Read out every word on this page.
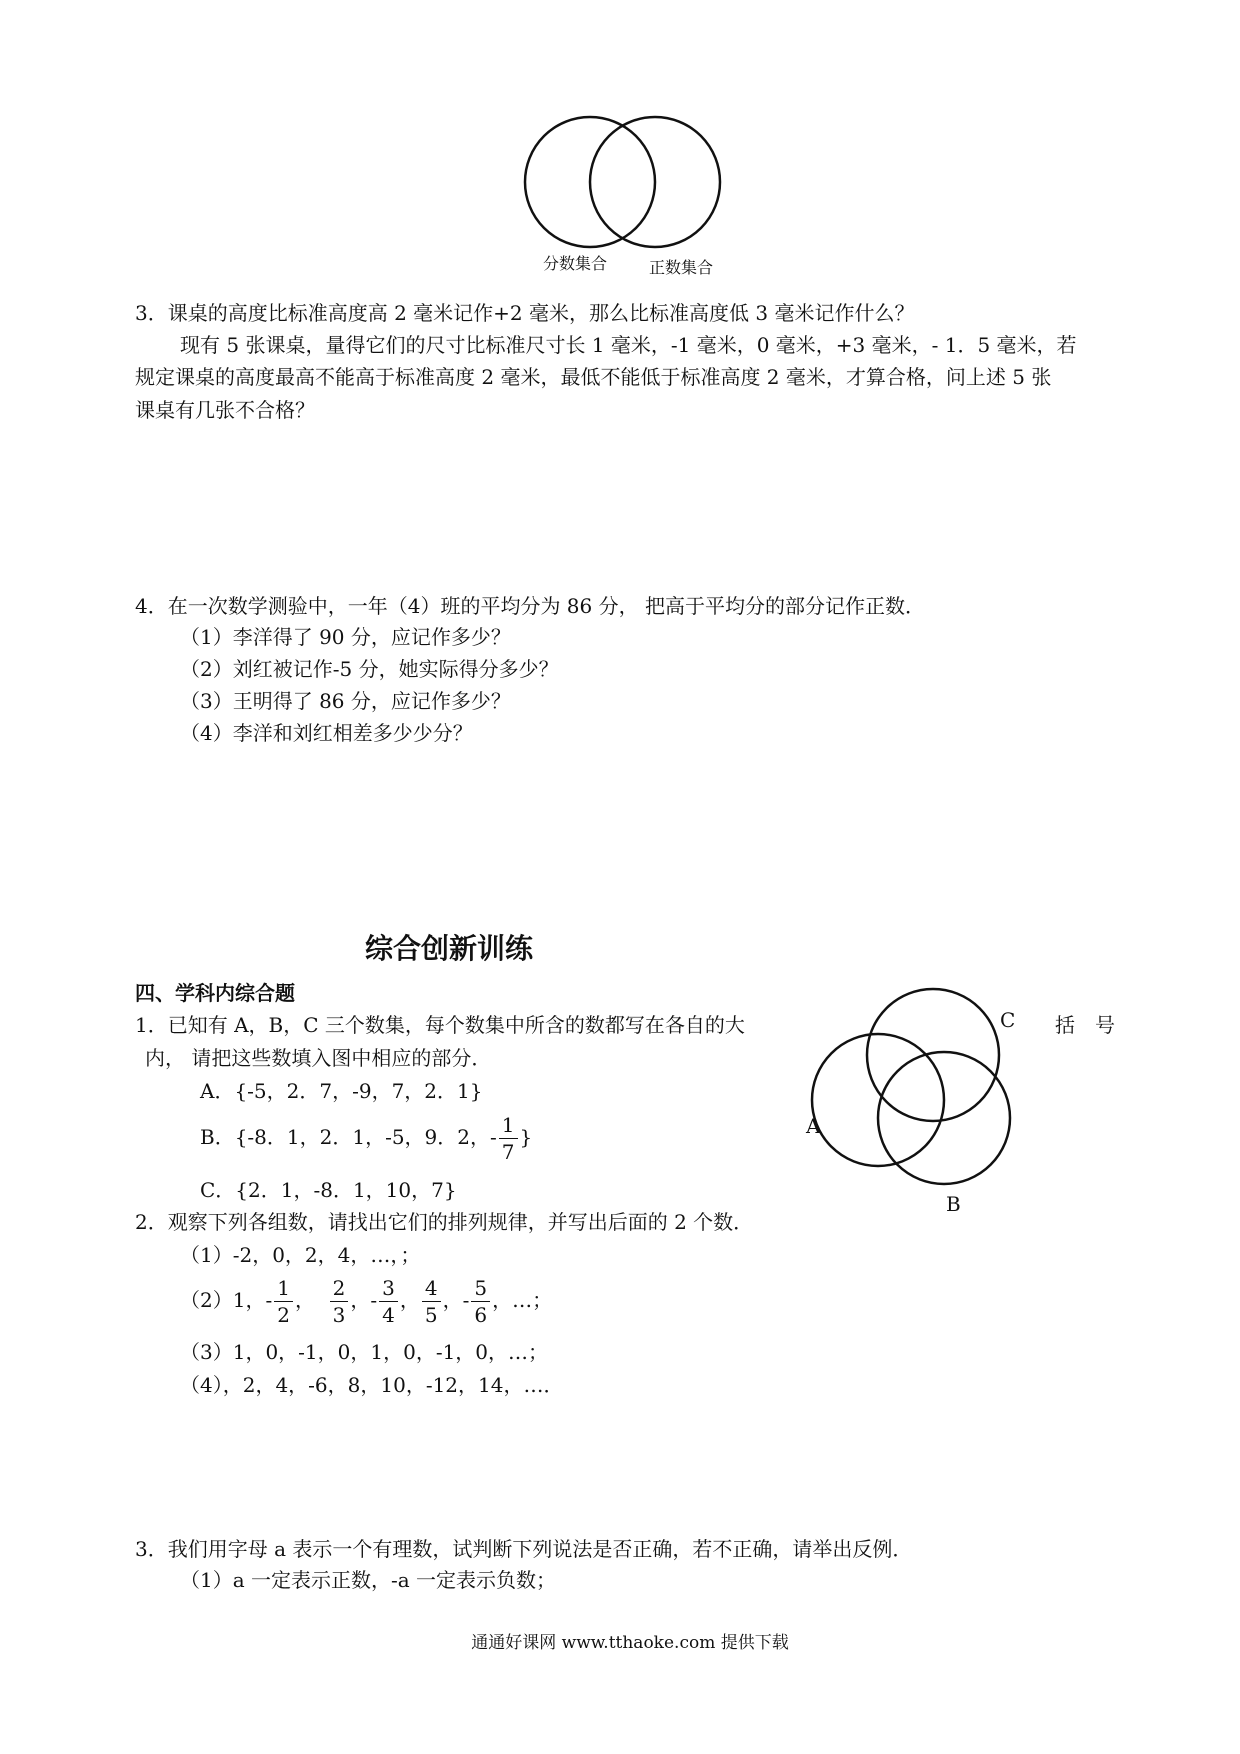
分数集合	正数集合
3．课桌的高度比标准高度高 2 毫米记作+2 毫米，那么比标准高度低 3 毫米记作什么？
现有 5 张课桌，量得它们的尺寸比标准尺寸长 1 毫米，-1 毫米，0 毫米，+3 毫米，- 1．5 毫米，若
规定课桌的高度最高不能高于标准高度 2 毫米，最低不能低于标准高度 2 毫米，才算合格，问上述 5 张
课桌有几张不合格？
4．在一次数学测验中，一年（4）班的平均分为 86 分， 把高于平均分的部分记作正数．
（1）李洋得了 90 分，应记作多少？
（2）刘红被记作-5 分，她实际得分多少？
（3）王明得了 86 分，应记作多少？
（4）李洋和刘红相差多少少分？
综合创新训练
四、学科内综合题
1．已知有 A，B，C 三个数集，每个数集中所含的数都写在各自的大	括　号
内， 请把这些数填入图中相应的部分．
A．{-5，2．7，-9，7，2．1}
B．{-8．1，2．1，-5，9．2，- $\frac{1}{7}$ }
C．{2．1，-8．1，10，7}
A
B
C
2．观察下列各组数，请找出它们的排列规律，并写出后面的 2 个数．
（1）-2，0，2，4，…，；
（2）1，- $\frac{1}{2}$ ， $\frac{2}{3}$ ，- $\frac{3}{4}$ ， $\frac{4}{5}$ ，- $\frac{5}{6}$ ，…；
（3）1，0，-1，0，1，0，-1，0，…；
（4），2，4，-6，8，10，-12，14，…．
3．我们用字母 a 表示一个有理数，试判断下列说法是否正确，若不正确，请举出反例．
（1）a 一定表示正数，-a 一定表示负数；
通通好课网 www.tthaoke.com 提供下载
